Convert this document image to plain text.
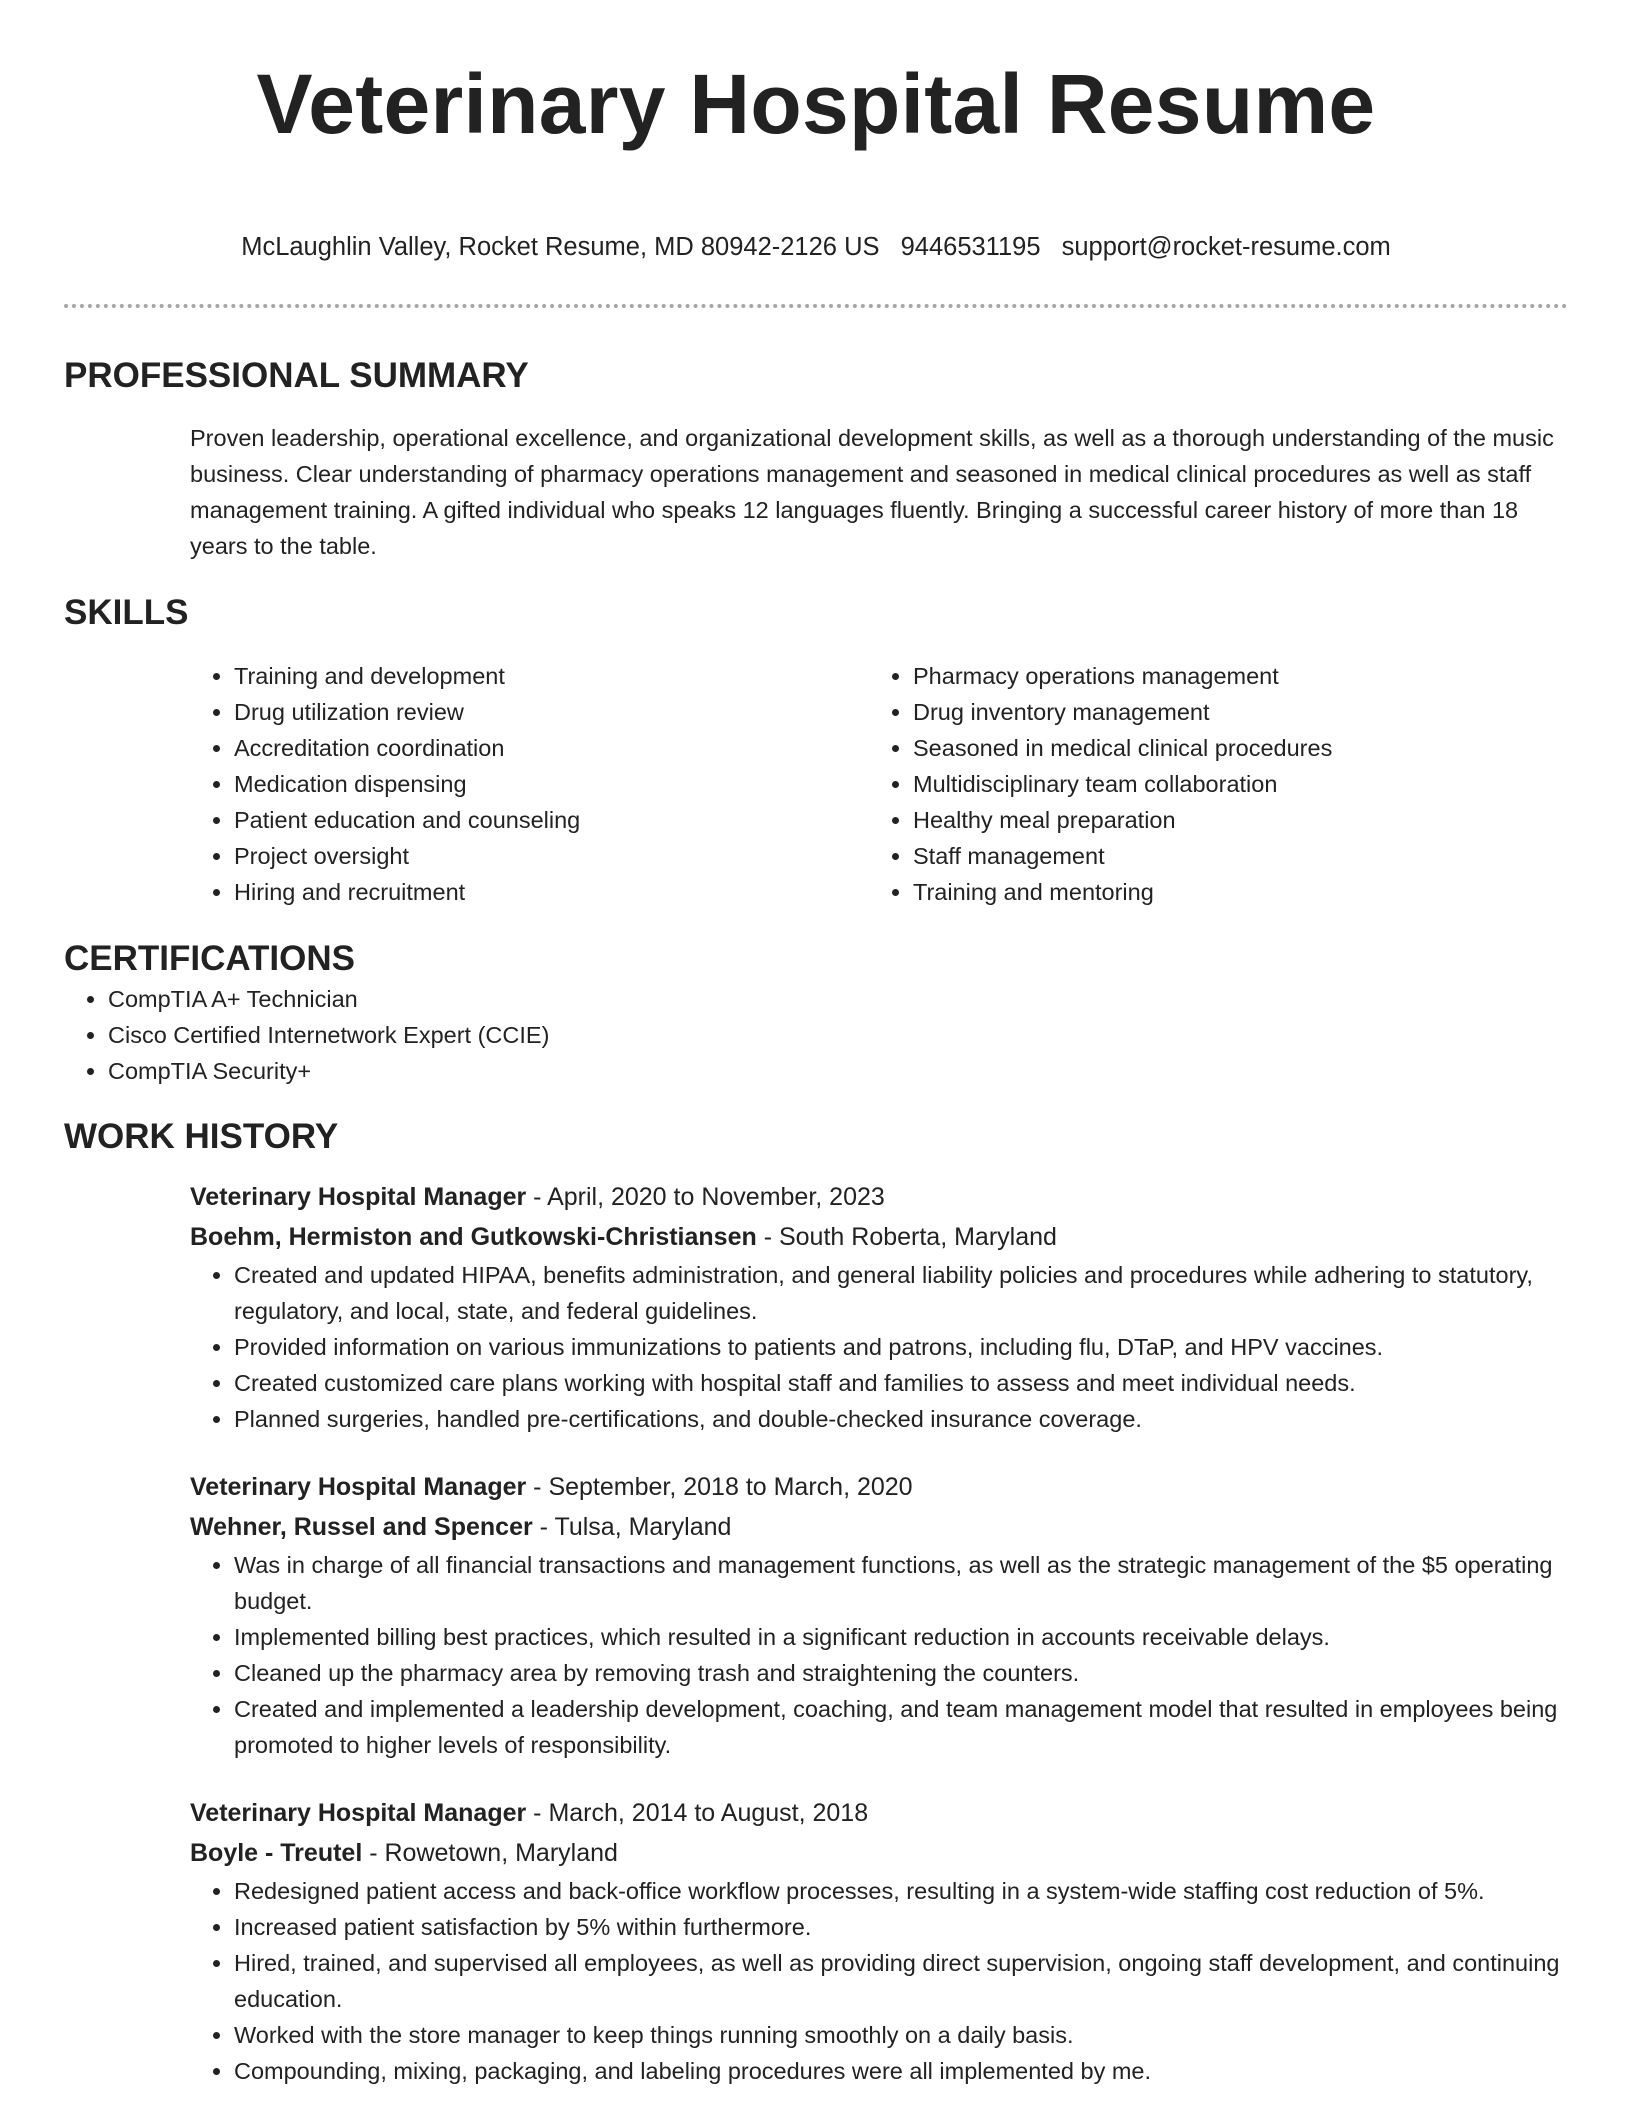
Veterinary Hospital Resume
McLaughlin Valley, Rocket Resume, MD 80942-2126 US 9446531195 support@rocket-resume.com
PROFESSIONAL SUMMARY

Proven leadership, operational excellence, and organizational development skills, as well as a thorough understanding of the music business. Clear understanding of pharmacy operations management and seasoned in medical clinical procedures as well as staff management training. A gifted individual who speaks 12 languages fluently. Bringing a successful career history of more than 18 years to the table.

SKILLS
• Training and development
• Drug utilization review
• Accreditation coordination
• Medication dispensing
• Patient education and counseling
• Project oversight
• Hiring and recruitment
• Pharmacy operations management
• Drug inventory management
• Seasoned in medical clinical procedures
• Multidisciplinary team collaboration
• Healthy meal preparation
• Staff management
• Training and mentoring
CERTIFICATIONS
• CompTIA A+ Technician
• Cisco Certified Internetwork Expert (CCIE)
• CompTIA Security+
WORK HISTORY
Veterinary Hospital Manager - April, 2020 to November, 2023
Boehm, Hermiston and Gutkowski-Christiansen - South Roberta, Maryland
• Created and updated HIPAA, benefits administration, and general liability policies and procedures while adhering to statutory, regulatory, and local, state, and federal guidelines.
• Provided information on various immunizations to patients and patrons, including flu, DTaP, and HPV vaccines.
• Created customized care plans working with hospital staff and families to assess and meet individual needs.
• Planned surgeries, handled pre-certifications, and double-checked insurance coverage.
Veterinary Hospital Manager - September, 2018 to March, 2020
Wehner, Russel and Spencer - Tulsa, Maryland
• Was in charge of all financial transactions and management functions, as well as the strategic management of the $5 operating budget.
• Implemented billing best practices, which resulted in a significant reduction in accounts receivable delays.
• Cleaned up the pharmacy area by removing trash and straightening the counters.
• Created and implemented a leadership development, coaching, and team management model that resulted in employees being promoted to higher levels of responsibility.
Veterinary Hospital Manager - March, 2014 to August, 2018
Boyle - Treutel - Rowetown, Maryland
• Redesigned patient access and back-office workflow processes, resulting in a system-wide staffing cost reduction of 5%.
• Increased patient satisfaction by 5% within furthermore.
• Hired, trained, and supervised all employees, as well as providing direct supervision, ongoing staff development, and continuing education.
• Worked with the store manager to keep things running smoothly on a daily basis.
• Compounding, mixing, packaging, and labeling procedures were all implemented by me.
